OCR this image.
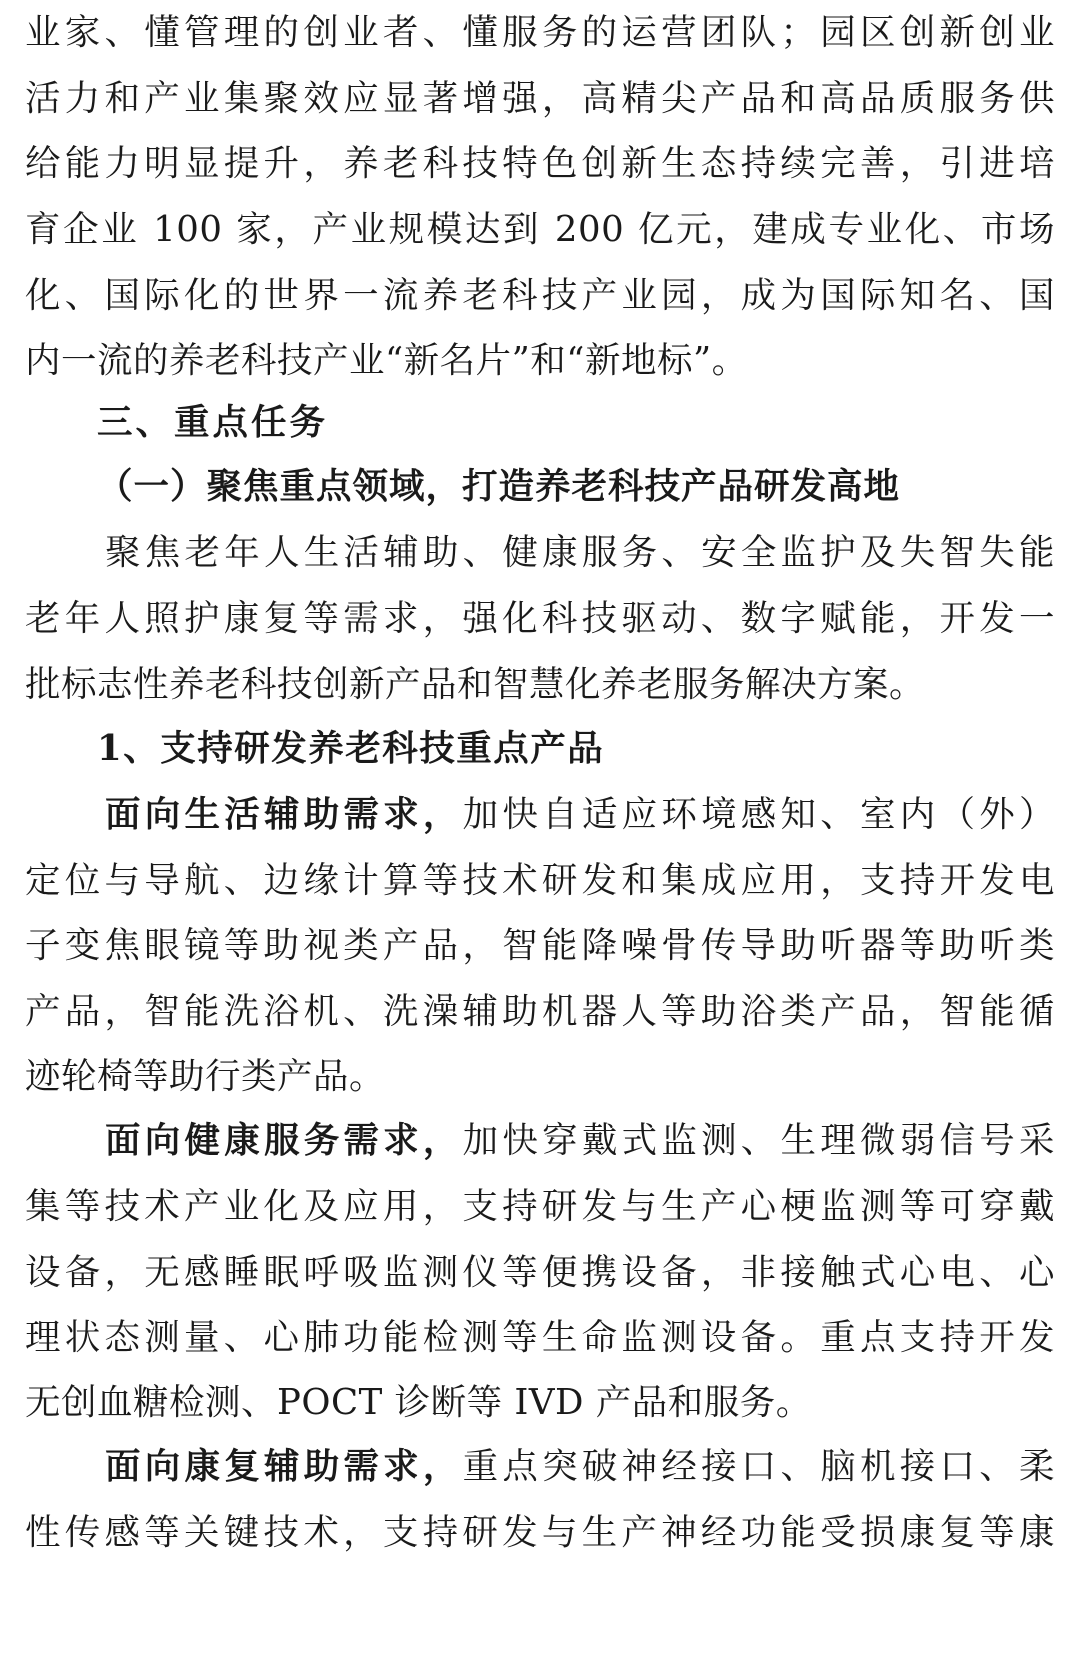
业家、懂管理的创业者、懂服务的运营团队；园区创新创业
活力和产业集聚效应显著增强，高精尖产品和高品质服务供
给能力明显提升，养老科技特色创新生态持续完善，引进培
育企业 100 家，产业规模达到 200 亿元，建成专业化、市场
化、国际化的世界一流养老科技产业园，成为国际知名、国
内一流的养老科技产业“新名片”和“新地标”。
三、重点任务
（一）聚焦重点领域，打造养老科技产品研发高地
聚焦老年人生活辅助、健康服务、安全监护及失智失能
老年人照护康复等需求，强化科技驱动、数字赋能，开发一
批标志性养老科技创新产品和智慧化养老服务解决方案。
1、支持研发养老科技重点产品
面向生活辅助需求，加快自适应环境感知、室内（外）
定位与导航、边缘计算等技术研发和集成应用，支持开发电
子变焦眼镜等助视类产品，智能降噪骨传导助听器等助听类
产品，智能洗浴机、洗澡辅助机器人等助浴类产品，智能循
迹轮椅等助行类产品。
面向健康服务需求，加快穿戴式监测、生理微弱信号采
集等技术产业化及应用，支持研发与生产心梗监测等可穿戴
设备，无感睡眠呼吸监测仪等便携设备，非接触式心电、心
理状态测量、心肺功能检测等生命监测设备。重点支持开发
无创血糖检测、POCT 诊断等 IVD 产品和服务。
面向康复辅助需求，重点突破神经接口、脑机接口、柔
性传感等关键技术，支持研发与生产神经功能受损康复等康
